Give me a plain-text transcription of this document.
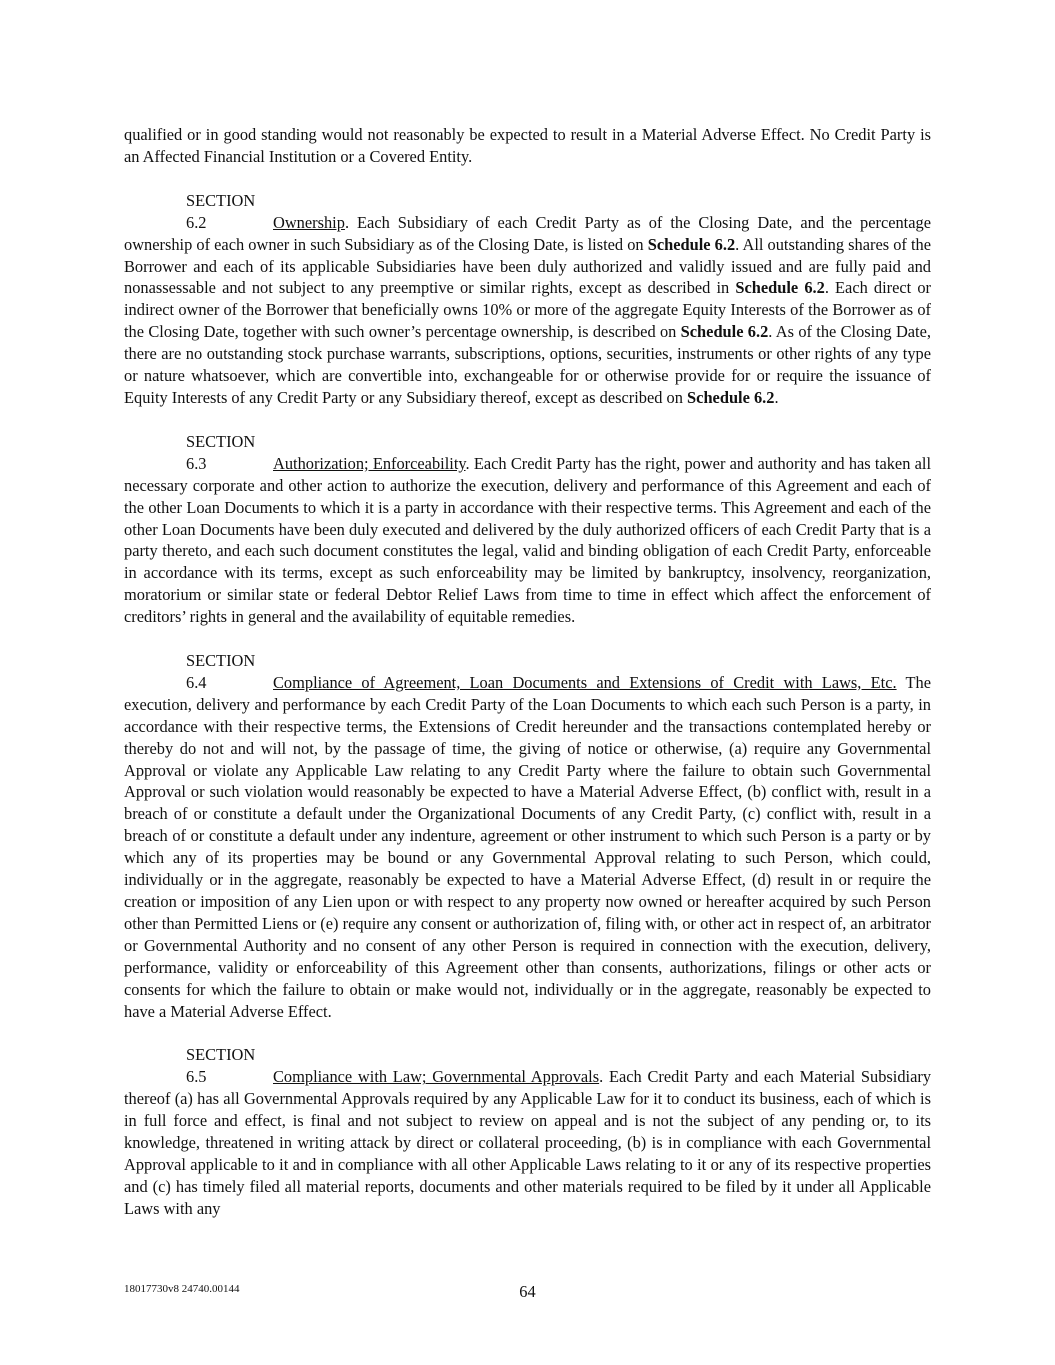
qualified or in good standing would not reasonably be expected to result in a Material Adverse Effect. No Credit Party is an Affected Financial Institution or a Covered Entity.

SECTION 6.2	Ownership. Each Subsidiary of each Credit Party as of the Closing Date, and the percentage ownership of each owner in such Subsidiary as of the Closing Date, is listed on Schedule 6.2. All outstanding shares of the Borrower and each of its applicable Subsidiaries have been duly authorized and validly issued and are fully paid and nonassessable and not subject to any preemptive or similar rights, except as described in Schedule 6.2. Each direct or indirect owner of the Borrower that beneficially owns 10% or more of the aggregate Equity Interests of the Borrower as of the Closing Date, together with such owner’s percentage ownership, is described on Schedule 6.2. As of the Closing Date, there are no outstanding stock purchase warrants, subscriptions, options, securities, instruments or other rights of any type or nature whatsoever, which are convertible into, exchangeable for or otherwise provide for or require the issuance of Equity Interests of any Credit Party or any Subsidiary thereof, except as described on Schedule 6.2.

SECTION 6.3	Authorization; Enforceability. Each Credit Party has the right, power and authority and has taken all necessary corporate and other action to authorize the execution, delivery and performance of this Agreement and each of the other Loan Documents to which it is a party in accordance with their respective terms. This Agreement and each of the other Loan Documents have been duly executed and delivered by the duly authorized officers of each Credit Party that is a party thereto, and each such document constitutes the legal, valid and binding obligation of each Credit Party, enforceable in accordance with its terms, except as such enforceability may be limited by bankruptcy, insolvency, reorganization, moratorium or similar state or federal Debtor Relief Laws from time to time in effect which affect the enforcement of creditors’ rights in general and the availability of equitable remedies.

SECTION 6.4	Compliance of Agreement, Loan Documents and Extensions of Credit with Laws, Etc. The execution, delivery and performance by each Credit Party of the Loan Documents to which each such Person is a party, in accordance with their respective terms, the Extensions of Credit hereunder and the transactions contemplated hereby or thereby do not and will not, by the passage of time, the giving of notice or otherwise, (a) require any Governmental Approval or violate any Applicable Law relating to any Credit Party where the failure to obtain such Governmental Approval or such violation would reasonably be expected to have a Material Adverse Effect, (b) conflict with, result in a breach of or constitute a default under the Organizational Documents of any Credit Party, (c) conflict with, result in a breach of or constitute a default under any indenture, agreement or other instrument to which such Person is a party or by which any of its properties may be bound or any Governmental Approval relating to such Person, which could, individually or in the aggregate, reasonably be expected to have a Material Adverse Effect, (d) result in or require the creation or imposition of any Lien upon or with respect to any property now owned or hereafter acquired by such Person other than Permitted Liens or (e) require any consent or authorization of, filing with, or other act in respect of, an arbitrator or Governmental Authority and no consent of any other Person is required in connection with the execution, delivery, performance, validity or enforceability of this Agreement other than consents, authorizations, filings or other acts or consents for which the failure to obtain or make would not, individually or in the aggregate, reasonably be expected to have a Material Adverse Effect.

SECTION 6.5	Compliance with Law; Governmental Approvals. Each Credit Party and each Material Subsidiary thereof (a) has all Governmental Approvals required by any Applicable Law for it to conduct its business, each of which is in full force and effect, is final and not subject to review on appeal and is not the subject of any pending or, to its knowledge, threatened in writing attack by direct or collateral proceeding, (b) is in compliance with each Governmental Approval applicable to it and in compliance with all other Applicable Laws relating to it or any of its respective properties and (c) has timely filed all material reports, documents and other materials required to be filed by it under all Applicable Laws with any

18017730v8 24740.00144	64
